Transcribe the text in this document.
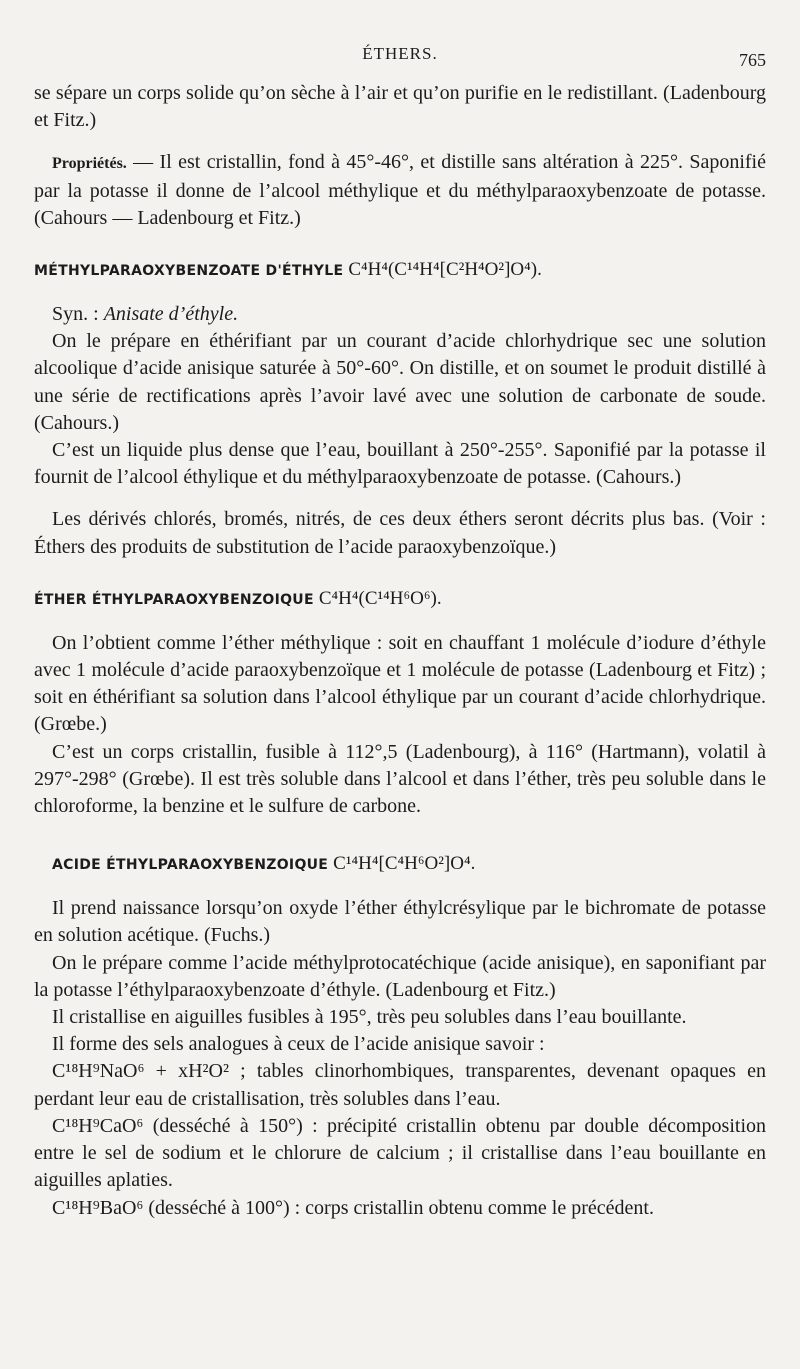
ÉTHERS.	765

se sépare un corps solide qu’on sèche à l’air et qu’on purifie en le redistillant. (Ladenbourg et Fitz.)

Propriétés. — Il est cristallin, fond à 45°-46°, et distille sans altération à 225°. Saponifié par la potasse il donne de l’alcool méthylique et du méthylparaoxybenzoate de potasse. (Cahours — Ladenbourg et Fitz.)

MÉTHYLPARAOXYBENZOATE D'ÉTHYLE C⁴H⁴(C¹⁴H⁴[C²H⁴O²]O⁴).

Syn. : Anisate d’éthyle.

On le prépare en éthérifiant par un courant d’acide chlorhydrique sec une solution alcoolique d’acide anisique saturée à 50°-60°. On distille, et on soumet le produit distillé à une série de rectifications après l’avoir lavé avec une solution de carbonate de soude. (Cahours.)

C’est un liquide plus dense que l’eau, bouillant à 250°-255°. Saponifié par la potasse il fournit de l’alcool éthylique et du méthylparaoxybenzoate de potasse. (Cahours.)

Les dérivés chlorés, bromés, nitrés, de ces deux éthers seront décrits plus bas. (Voir : Éthers des produits de substitution de l’acide paraoxybenzoïque.)

ÉTHER ÉTHYLPARAOXYBENZOIQUE C⁴H⁴(C¹⁴H⁶O⁶).

On l’obtient comme l’éther méthylique : soit en chauffant 1 molécule d’iodure d’éthyle avec 1 molécule d’acide paraoxybenzoïque et 1 molécule de potasse (Ladenbourg et Fitz) ; soit en éthérifiant sa solution dans l’alcool éthylique par un courant d’acide chlorhydrique. (Grœbe.)

C’est un corps cristallin, fusible à 112°,5 (Ladenbourg), à 116° (Hartmann), volatil à 297°-298° (Grœbe). Il est très soluble dans l’alcool et dans l’éther, très peu soluble dans le chloroforme, la benzine et le sulfure de carbone.

ACIDE ÉTHYLPARAOXYBENZOIQUE C¹⁴H⁴[C⁴H⁶O²]O⁴.

Il prend naissance lorsqu’on oxyde l’éther éthylcrésylique par le bichromate de potasse en solution acétique. (Fuchs.)

On le prépare comme l’acide méthylprotocatéchique (acide anisique), en saponifiant par la potasse l’éthylparaoxybenzoate d’éthyle. (Ladenbourg et Fitz.)

Il cristallise en aiguilles fusibles à 195°, très peu solubles dans l’eau bouillante.

Il forme des sels analogues à ceux de l’acide anisique savoir :

C¹⁸H⁹NaO⁶ + xH²O² ; tables clinorhombiques, transparentes, devenant opaques en perdant leur eau de cristallisation, très solubles dans l’eau.

C¹⁸H⁹CaO⁶ (desséché à 150°) : précipité cristallin obtenu par double décomposition entre le sel de sodium et le chlorure de calcium ; il cristallise dans l’eau bouillante en aiguilles aplaties.

C¹⁸H⁹BaO⁶ (desséché à 100°) : corps cristallin obtenu comme le précédent.
